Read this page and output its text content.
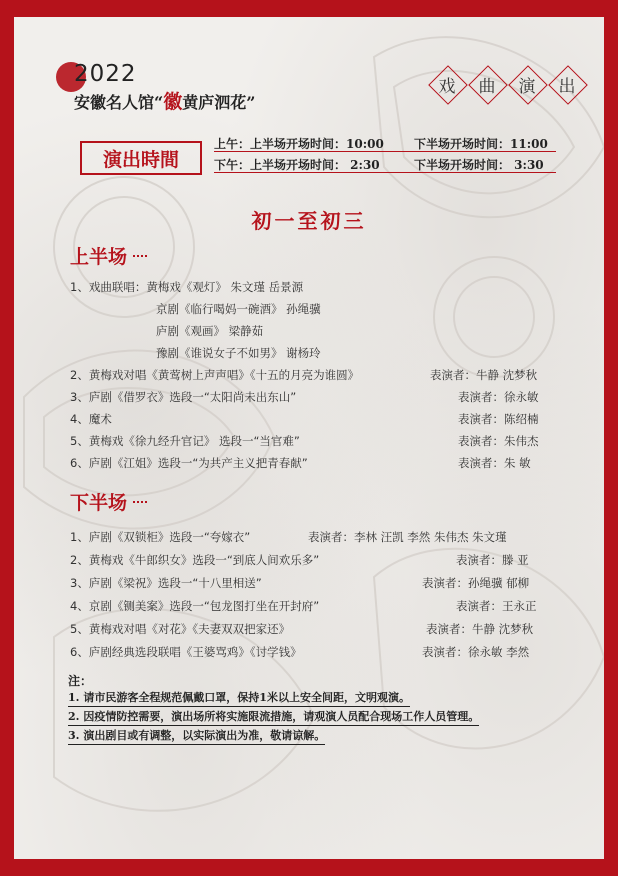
2022
安徽名人馆“徽黄庐泗花”
戏 曲 演 出
演出時間
上午：上半场开场时间：10:00	下半场开场时间：11:00
下午：上半场开场时间： 2:30	下半场开场时间： 3:30
初一至初三
上半场
1、戏曲联唱：黄梅戏《观灯》 朱文瑾 岳景源
京剧《临行喝妈一碗酒》 孙绳骥
庐剧《观画》 梁静茹
豫剧《谁说女子不如男》 谢杨玲
2、黄梅戏对唱《黄莺树上声声唱》《十五的月亮为谁圆》	表演者：牛静 沈梦秋
3、庐剧《借罗衣》选段一“太阳尚未出东山”	表演者：徐永敏
4、魔术	表演者：陈绍楠
5、黄梅戏《徐九经升官记》 选段一“当官难”	表演者：朱伟杰
6、庐剧《江姐》选段一“为共产主义把青春献”	表演者：朱 敏
下半场
1、庐剧《双锁柜》选段一“夸嫁衣”	表演者：李林 汪凯 李然 朱伟杰 朱文瑾
2、黄梅戏《牛郎织女》选段一“到底人间欢乐多”	表演者：滕 亚
3、庐剧《梁祝》选段一“十八里相送”	表演者：孙绳骥 郁柳
4、京剧《铡美案》选段一“包龙图打坐在开封府”	表演者：王永正
5、黄梅戏对唱《对花》《夫妻双双把家还》	表演者：牛静 沈梦秋
6、庐剧经典选段联唱《王婆骂鸡》《讨学钱》	表演者：徐永敏 李然
注：
1. 请市民游客全程规范佩戴口罩，保持1米以上安全间距，文明观演。
2. 因疫情防控需要，演出场所将实施限流措施，请观演人员配合现场工作人员管理。
3. 演出剧目或有调整，以实际演出为准，敬请谅解。
